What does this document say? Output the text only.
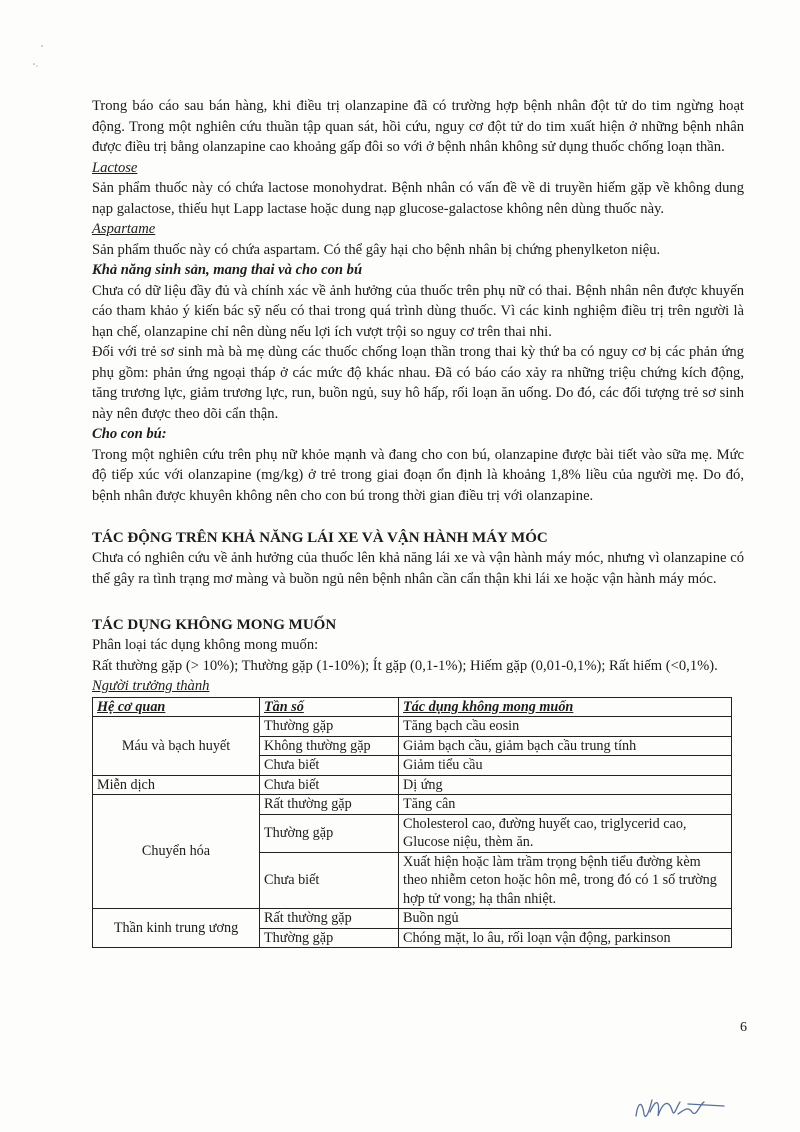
Trong báo cáo sau bán hàng, khi điều trị olanzapine đã có trường hợp bệnh nhân đột tử do tim ngừng hoạt động. Trong một nghiên cứu thuần tập quan sát, hồi cứu, nguy cơ đột tử do tim xuất hiện ở những bệnh nhân được điều trị bằng olanzapine cao khoảng gấp đôi so với ở bệnh nhân không sử dụng thuốc chống loạn thần.

Lactose

Sản phẩm thuốc này có chứa lactose monohydrat. Bệnh nhân có vấn đề về di truyền hiếm gặp về không dung nạp galactose, thiếu hụt Lapp lactase hoặc dung nạp glucose-galactose không nên dùng thuốc này.

Aspartame

Sản phẩm thuốc này có chứa aspartam. Có thể gây hại cho bệnh nhân bị chứng phenylketon niệu.

Khả năng sinh sản, mang thai và cho con bú

Chưa có dữ liệu đầy đủ và chính xác về ảnh hưởng của thuốc trên phụ nữ có thai. Bệnh nhân nên được khuyến cáo tham khảo ý kiến bác sỹ nếu có thai trong quá trình dùng thuốc. Vì các kinh nghiệm điều trị trên người là hạn chế, olanzapine chỉ nên dùng nếu lợi ích vượt trội so nguy cơ trên thai nhi.

Đối với trẻ sơ sinh mà bà mẹ dùng các thuốc chống loạn thần trong thai kỳ thứ ba có nguy cơ bị các phản ứng phụ gồm: phản ứng ngoại tháp ở các mức độ khác nhau. Đã có báo cáo xảy ra những triệu chứng kích động, tăng trương lực, giảm trương lực, run, buồn ngủ, suy hô hấp, rối loạn ăn uống. Do đó, các đối tượng trẻ sơ sinh này nên được theo dõi cẩn thận.

Cho con bú:

Trong một nghiên cứu trên phụ nữ khỏe mạnh và đang cho con bú, olanzapine được bài tiết vào sữa mẹ. Mức độ tiếp xúc với olanzapine (mg/kg) ở trẻ trong giai đoạn ổn định là khoảng 1,8% liều của người mẹ. Do đó, bệnh nhân được khuyên không nên cho con bú trong thời gian điều trị với olanzapine.

TÁC ĐỘNG TRÊN KHẢ NĂNG LÁI XE VÀ VẬN HÀNH MÁY MÓC

Chưa có nghiên cứu về ảnh hưởng của thuốc lên khả năng lái xe và vận hành máy móc, nhưng vì olanzapine có thể gây ra tình trạng mơ màng và buồn ngủ nên bệnh nhân cần cẩn thận khi lái xe hoặc vận hành máy móc.

TÁC DỤNG KHÔNG MONG MUỐN

Phân loại tác dụng không mong muốn:

Rất thường gặp (> 10%); Thường gặp (1-10%); Ít gặp (0,1-1%); Hiếm gặp (0,01-0,1%); Rất hiếm (<0,1%).

Người trưởng thành

Hệ cơ quan	Tần số	Tác dụng không mong muốn
Máu và bạch huyết	Thường gặp	Tăng bạch cầu eosin
	Không thường gặp	Giảm bạch cầu, giảm bạch cầu trung tính
	Chưa biết	Giảm tiểu cầu
Miễn dịch	Chưa biết	Dị ứng
Chuyển hóa	Rất thường gặp	Tăng cân
	Thường gặp	Cholesterol cao, đường huyết cao, triglycerid cao, Glucose niệu, thèm ăn.
	Chưa biết	Xuất hiện hoặc làm trầm trọng bệnh tiểu đường kèm theo nhiễm ceton hoặc hôn mê, trong đó có 1 số trường hợp tử vong; hạ thân nhiệt.
Thần kinh trung ương	Rất thường gặp	Buồn ngủ
	Thường gặp	Chóng mặt, lo âu, rối loạn vận động, parkinson
6
